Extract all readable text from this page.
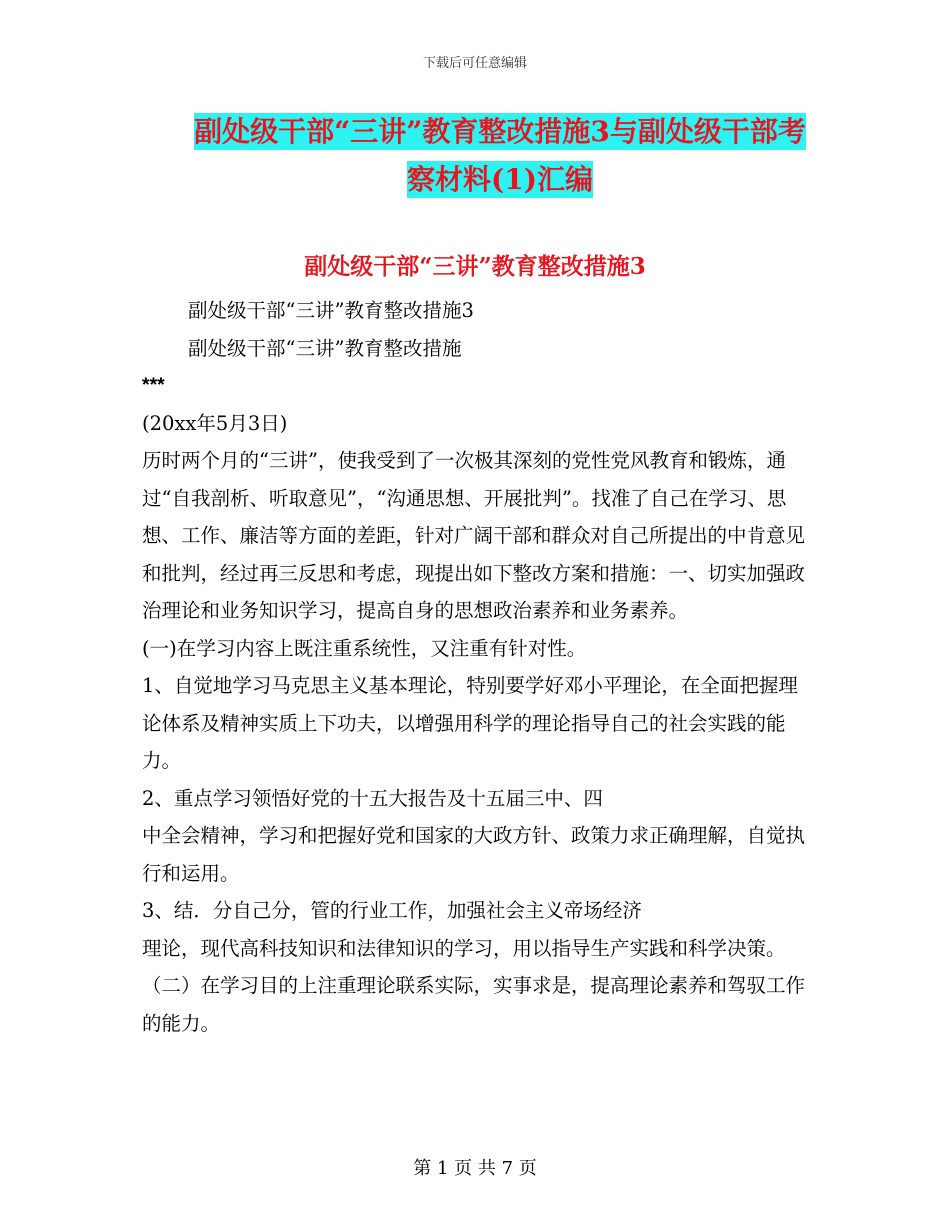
下载后可任意编辑
副处级干部“三讲”教育整改措施3与副处级干部考
察材料(1)汇编
副处级干部“三讲”教育整改措施3

副处级干部“三讲”教育整改措施3

副处级干部“三讲”教育整改措施

***

(20xx年5月3日)

历时两个月的“三讲”，使我受到了一次极其深刻的党性党风教育和锻炼，通过“自我剖析、听取意见”，“沟通思想、开展批判”。找准了自己在学习、思想、工作、廉洁等方面的差距，针对广阔干部和群众对自己所提出的中肯意见和批判，经过再三反思和考虑，现提出如下整改方案和措施：一、切实加强政治理论和业务知识学习，提高自身的思想政治素养和业务素养。

(一)在学习内容上既注重系统性，又注重有针对性。

1、自觉地学习马克思主义基本理论，特别要学好邓小平理论，在全面把握理论体系及精神实质上下功夫，以增强用科学的理论指导自己的社会实践的能力。

2、重点学习领悟好党的十五大报告及十五届三中、四

中全会精神，学习和把握好党和国家的大政方针、政策力求正确理解，自觉执行和运用。

3、结．分自己分，管的行业工作，加强社会主义帝场经济

理论，现代高科技知识和法律知识的学习，用以指导生产实践和科学决策。

（二）在学习目的上注重理论联系实际，实事求是，提高理论素养和驾驭工作的能力。

第 1 页 共 7 页
